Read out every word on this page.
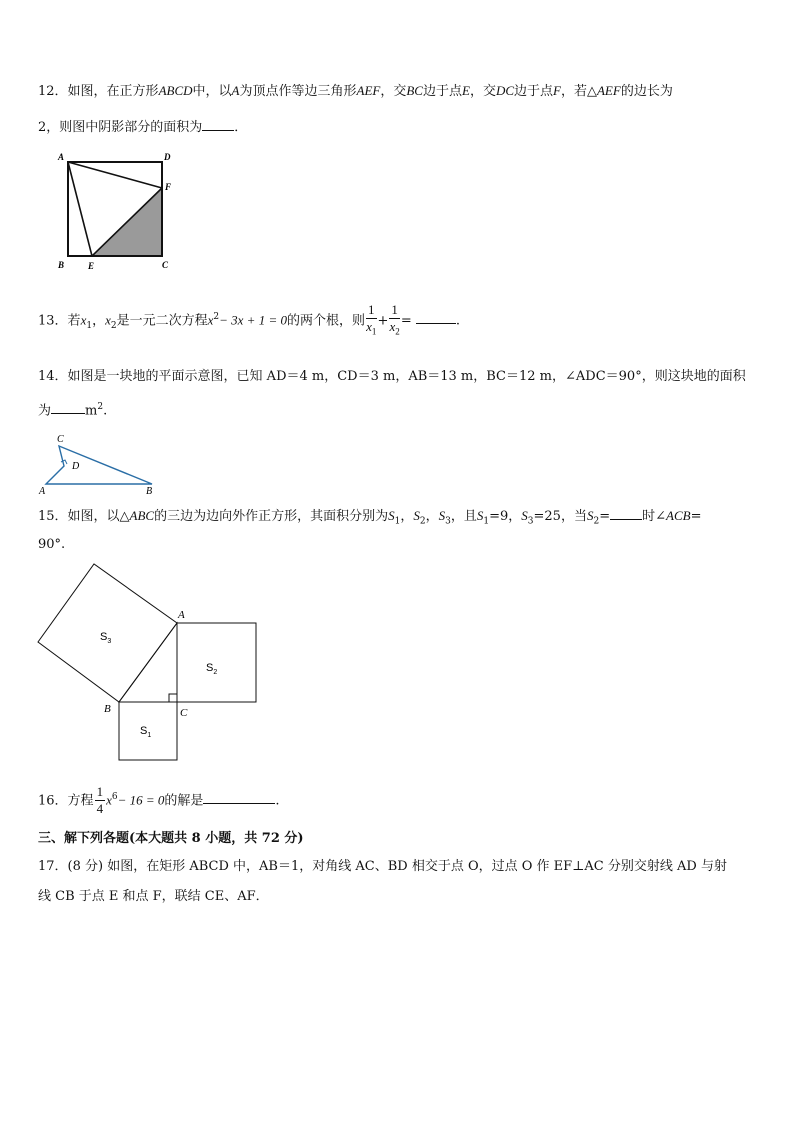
12．如图，在正方形ABCD中，以A为顶点作等边三角形AEF，交BC边于点E，交DC边于点F，若△AEF的边长为
2，则图中阴影部分的面积为 ．
A	D
F
B	E	C
13．若$x_1$，$x_2$是一元二次方程$x^2- 3x + 1 = 0$的两个根，则 $\frac{1}{x_1} + \frac{1}{x_2}$ =	.
14．如图是一块地的平面示意图，已知 AD＝4 m，CD＝3 m，AB＝13 m，BC＝12 m，∠ADC＝90°，则这块地的面积
为	$m^2$.
C
D
A	B
15．如图，以△ABC的三边为边向外作正方形，其面积分别为$S_1$，$S_2$，$S_3$，且$S_1=9$，$S_3=25$，当$S_2=$ 时∠ACB=
90°.
A
B	C
$S_3$
$S_2$
$S_1$
16．方程 $\frac{1}{4} x^6- 16 = 0$的解是	.
三、解下列各题(本大题共 8 小题，共 72 分)
17．(8 分) 如图，在矩形 ABCD 中，AB＝1，对角线 AC、BD 相交于点 O，过点 O 作 EF⊥AC 分别交射线 AD 与射
线 CB 于点 E 和点 F，联结 CE、AF．
